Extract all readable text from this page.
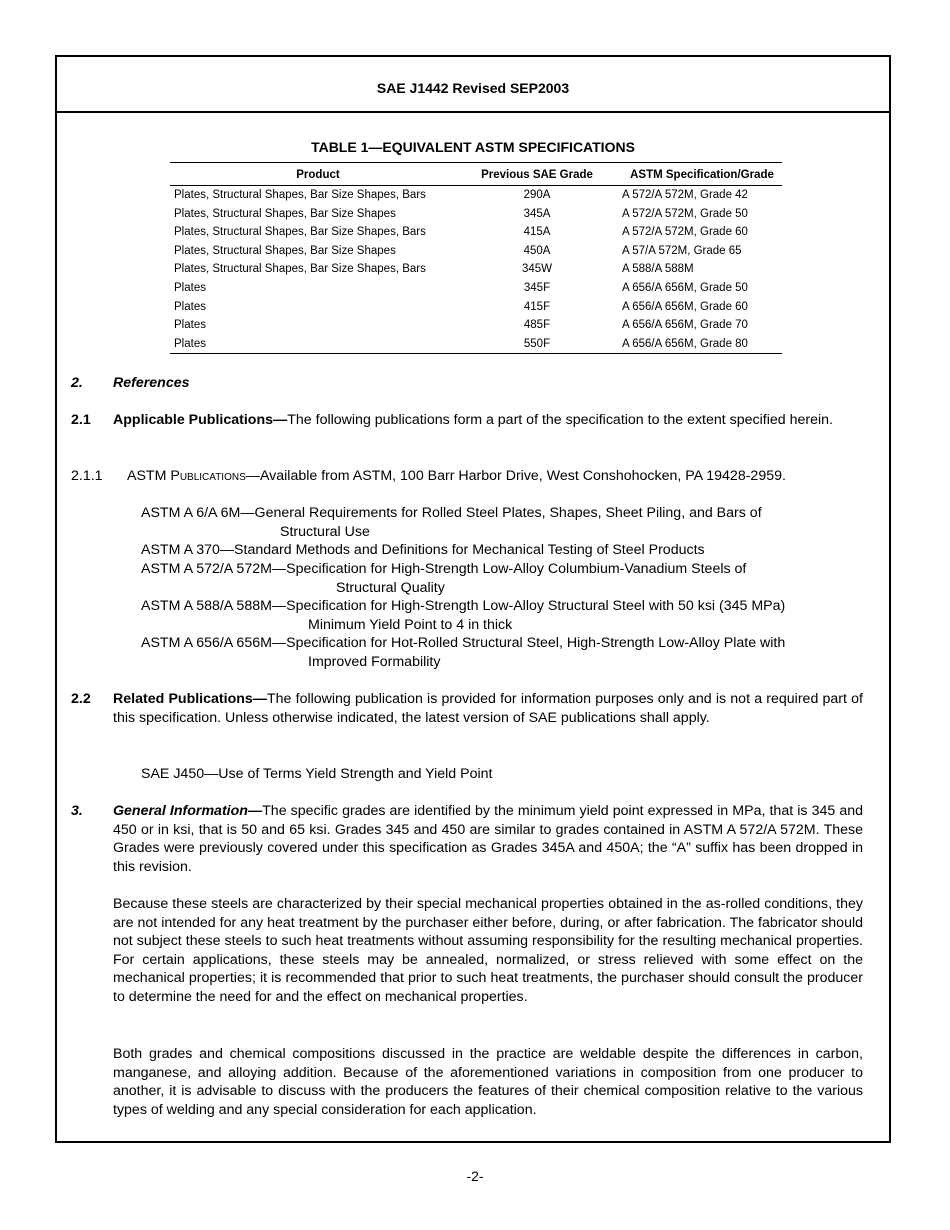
SAE J1442 Revised SEP2003
TABLE 1—EQUIVALENT ASTM SPECIFICATIONS
Product	Previous SAE Grade	ASTM Specification/Grade
Plates, Structural Shapes, Bar Size Shapes, Bars	290A	A 572/A 572M, Grade 42
Plates, Structural Shapes, Bar Size Shapes	345A	A 572/A 572M, Grade 50
Plates, Structural Shapes, Bar Size Shapes, Bars	415A	A 572/A 572M, Grade 60
Plates, Structural Shapes, Bar Size Shapes	450A	A 57/A 572M, Grade 65
Plates, Structural Shapes, Bar Size Shapes, Bars	345W	A 588/A 588M
Plates	345F	A 656/A 656M, Grade 50
Plates	415F	A 656/A 656M, Grade 60
Plates	485F	A 656/A 656M, Grade 70
Plates	550F	A 656/A 656M, Grade 80
2. References
2.1 Applicable Publications—The following publications form a part of the specification to the extent specified herein.
2.1.1 ASTM Publications—Available from ASTM, 100 Barr Harbor Drive, West Conshohocken, PA 19428-2959.
ASTM A 6/A 6M—General Requirements for Rolled Steel Plates, Shapes, Sheet Piling, and Bars of
Structural Use
ASTM A 370—Standard Methods and Definitions for Mechanical Testing of Steel Products
ASTM A 572/A 572M—Specification for High-Strength Low-Alloy Columbium-Vanadium Steels of
Structural Quality
ASTM A 588/A 588M—Specification for High-Strength Low-Alloy Structural Steel with 50 ksi (345 MPa)
Minimum Yield Point to 4 in thick
ASTM A 656/A 656M—Specification for Hot-Rolled Structural Steel, High-Strength Low-Alloy Plate with
Improved Formability
2.2 Related Publications—The following publication is provided for information purposes only and is not a required part of this specification. Unless otherwise indicated, the latest version of SAE publications shall apply.
SAE J450—Use of Terms Yield Strength and Yield Point
3. General Information—The specific grades are identified by the minimum yield point expressed in MPa, that is 345 and 450 or in ksi, that is 50 and 65 ksi. Grades 345 and 450 are similar to grades contained in ASTM A 572/A 572M. These Grades were previously covered under this specification as Grades 345A and 450A; the “A” suffix has been dropped in this revision.
Because these steels are characterized by their special mechanical properties obtained in the as-rolled conditions, they are not intended for any heat treatment by the purchaser either before, during, or after fabrication. The fabricator should not subject these steels to such heat treatments without assuming responsibility for the resulting mechanical properties. For certain applications, these steels may be annealed, normalized, or stress relieved with some effect on the mechanical properties; it is recommended that prior to such heat treatments, the purchaser should consult the producer to determine the need for and the effect on mechanical properties.
Both grades and chemical compositions discussed in the practice are weldable despite the differences in carbon, manganese, and alloying addition. Because of the aforementioned variations in composition from one producer to another, it is advisable to discuss with the producers the features of their chemical composition relative to the various types of welding and any special consideration for each application.
-2-
